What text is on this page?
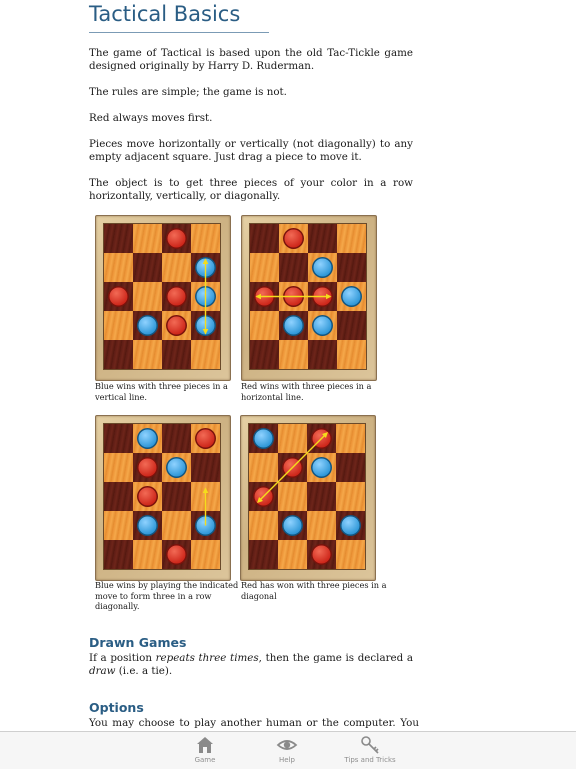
Tactical Basics

The game of Tactical is based upon the old Tac-Tickle game designed originally by Harry D. Ruderman.

The rules are simple; the game is not.

Red always moves first.

Pieces move horizontally or vertically (not diagonally) to any empty adjacent square. Just drag a piece to move it.

The object is to get three pieces of your color in a row horizontally, vertically, or diagonally.

Blue wins with three pieces in a vertical line.

Red wins with three pieces in a horizontal line.

Blue wins by playing the indicated move to form three in a row diagonally.

Red has won with three pieces in a diagonal

Drawn Games

If a position repeats three times, then the game is declared a draw (i.e. a tie).

Options

You may choose to play another human or the computer. You

Game	Help	Tips and Tricks
